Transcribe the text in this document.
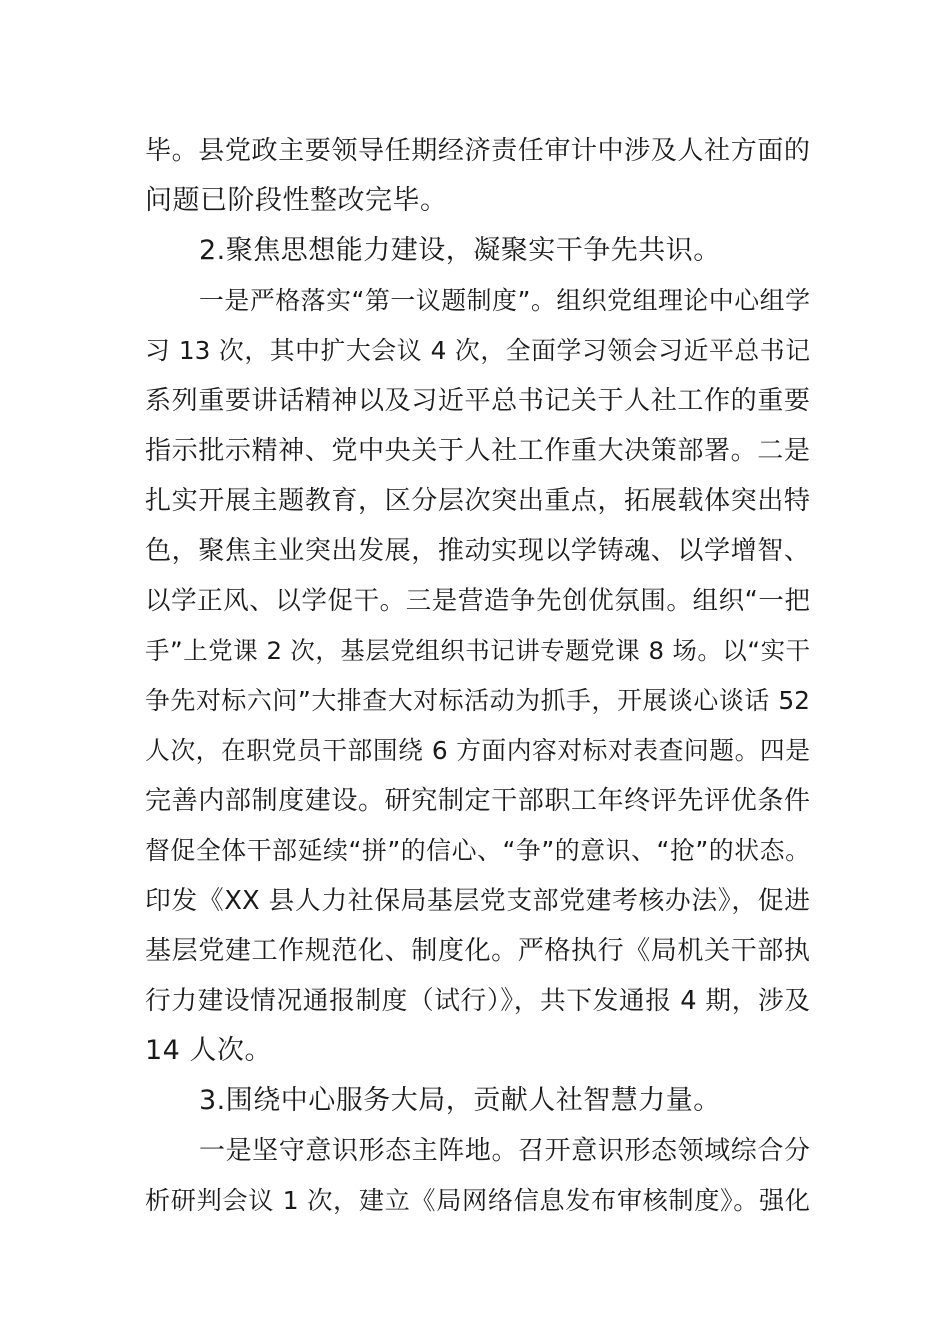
毕。县党政主要领导任期经济责任审计中涉及人社方面的
问题已阶段性整改完毕。
2.聚焦思想能力建设，凝聚实干争先共识。
一是严格落实“第一议题制度”。组织党组理论中心组学
习 13 次，其中扩大会议 4 次，全面学习领会习近平总书记
系列重要讲话精神以及习近平总书记关于人社工作的重要
指示批示精神、党中央关于人社工作重大决策部署。二是
扎实开展主题教育，区分层次突出重点，拓展载体突出特
色，聚焦主业突出发展，推动实现以学铸魂、以学增智、
以学正风、以学促干。三是营造争先创优氛围。组织“一把
手”上党课 2 次，基层党组织书记讲专题党课 8 场。以“实干
争先对标六问”大排查大对标活动为抓手，开展谈心谈话 52
人次，在职党员干部围绕 6 方面内容对标对表查问题。四是
完善内部制度建设。研究制定干部职工年终评先评优条件
督促全体干部延续“拼”的信心、“争”的意识、“抢”的状态。
印发《XX 县人力社保局基层党支部党建考核办法》，促进
基层党建工作规范化、制度化。严格执行《局机关干部执
行力建设情况通报制度（试行）》，共下发通报 4 期，涉及
14 人次。
3.围绕中心服务大局，贡献人社智慧力量。
一是坚守意识形态主阵地。召开意识形态领域综合分
析研判会议 1 次，建立《局网络信息发布审核制度》。强化
